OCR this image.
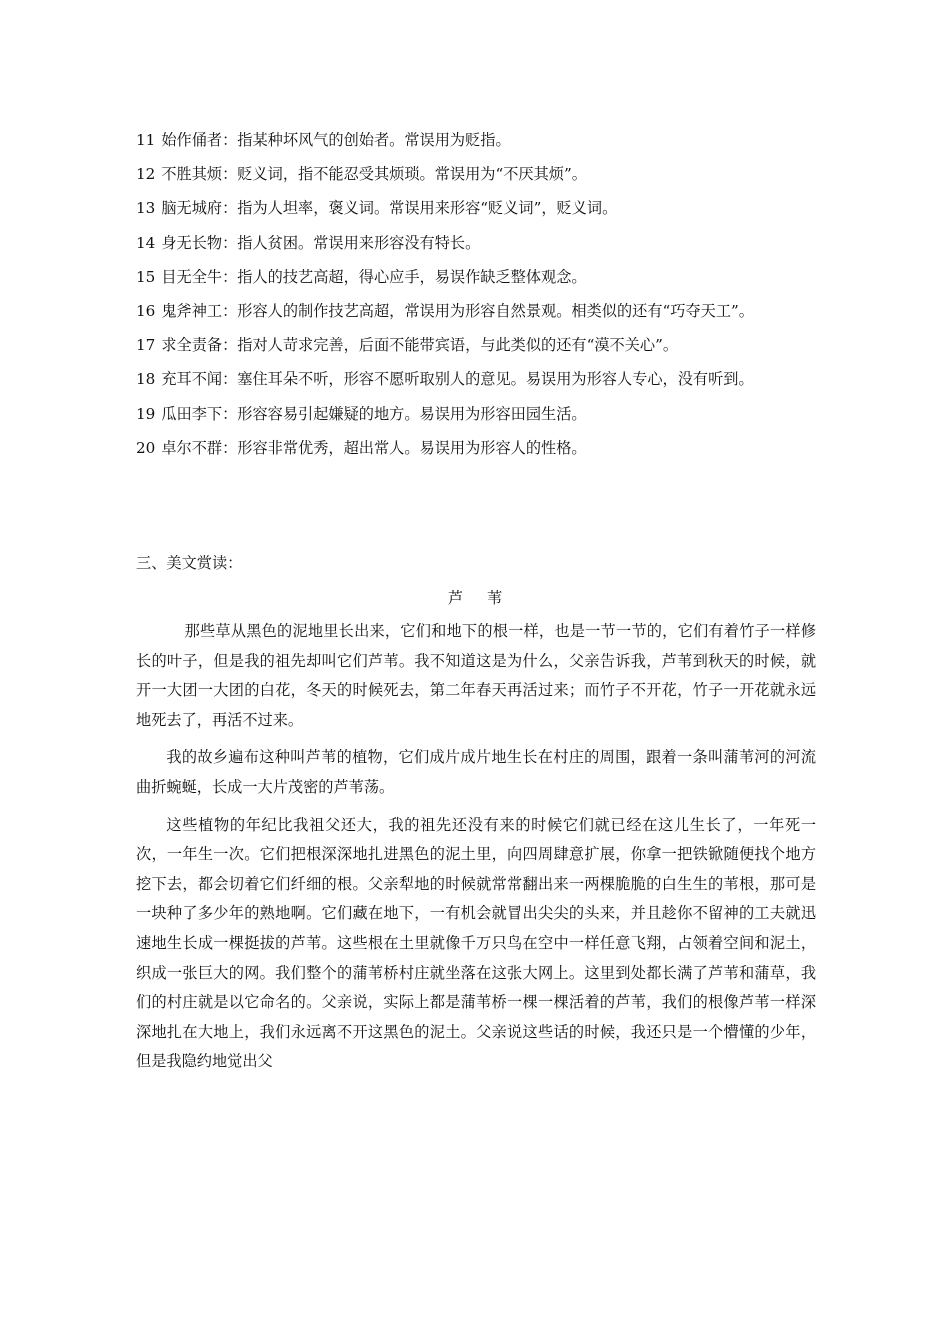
11 始作俑者：指某种坏风气的创始者。常误用为贬指。
12 不胜其烦：贬义词，指不能忍受其烦琐。常误用为“不厌其烦”。
13 脑无城府：指为人坦率，褒义词。常误用来形容“贬义词”，贬义词。
14 身无长物：指人贫困。常误用来形容没有特长。
15 目无全牛：指人的技艺高超，得心应手，易误作缺乏整体观念。
16 鬼斧神工：形容人的制作技艺高超，常误用为形容自然景观。相类似的还有“巧夺天工”。
17 求全责备：指对人苛求完善，后面不能带宾语，与此类似的还有“漠不关心”。
18 充耳不闻：塞住耳朵不听，形容不愿听取别人的意见。易误用为形容人专心，没有听到。
19 瓜田李下：形容容易引起嫌疑的地方。易误用为形容田园生活。
20 卓尔不群：形容非常优秀，超出常人。易误用为形容人的性格。

三、美文赏读：

芦苇

那些草从黑色的泥地里长出来，它们和地下的根一样，也是一节一节的，它们有着竹子一样修长的叶子，但是我的祖先却叫它们芦苇。我不知道这是为什么，父亲告诉我，芦苇到秋天的时候，就开一大团一大团的白花，冬天的时候死去，第二年春天再活过来；而竹子不开花，竹子一开花就永远地死去了，再活不过来。

我的故乡遍布这种叫芦苇的植物，它们成片成片地生长在村庄的周围，跟着一条叫蒲苇河的河流曲折蜿蜒，长成一大片茂密的芦苇荡。

这些植物的年纪比我祖父还大，我的祖先还没有来的时候它们就已经在这儿生长了，一年死一次，一年生一次。它们把根深深地扎进黑色的泥土里，向四周肆意扩展，你拿一把铁锨随便找个地方挖下去，都会切着它们纤细的根。父亲犁地的时候就常常翻出来一两棵脆脆的白生生的苇根，那可是一块种了多少年的熟地啊。它们藏在地下，一有机会就冒出尖尖的头来，并且趁你不留神的工夫就迅速地生长成一棵挺拔的芦苇。这些根在土里就像千万只鸟在空中一样任意飞翔，占领着空间和泥土，织成一张巨大的网。我们整个的蒲苇桥村庄就坐落在这张大网上。这里到处都长满了芦苇和蒲草，我们的村庄就是以它命名的。父亲说，实际上都是蒲苇桥一棵一棵活着的芦苇，我们的根像芦苇一样深深地扎在大地上，我们永远离不开这黑色的泥土。父亲说这些话的时候，我还只是一个懵懂的少年，但是我隐约地觉出父
